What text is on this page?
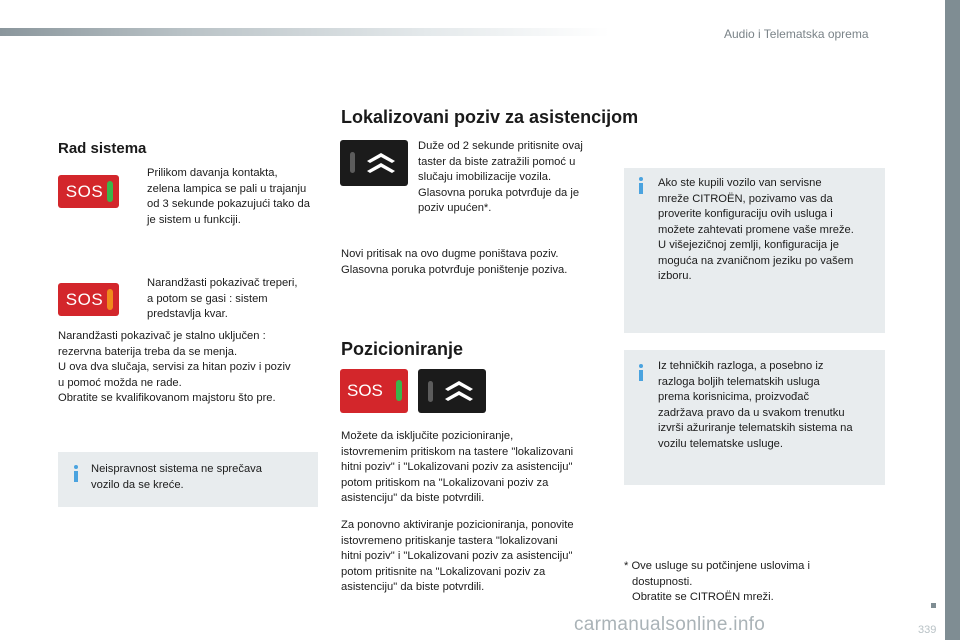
Audio i Telematska oprema
339
carmanualsonline.info
Rad sistema
SOS

Prilikom davanja kontakta,

zelena lampica se pali u trajanju

od 3 sekunde pokazujući tako da

je sistem u funkciji.

SOS

Narandžasti pokazivač treperi,

a potom se gasi : sistem

predstavlja kvar.

Narandžasti pokazivač je stalno uključen :

rezervna baterija treba da se menja.

U ova dva slučaja, servisi za hitan poziv i poziv

u pomoć možda ne rade.

Obratite se kvalifikovanom majstoru što pre.

Neispravnost sistema ne sprečava

vozilo da se kreće.

Lokalizovani poziv za asistencijom

Duže od 2 sekunde pritisnite ovaj

taster da biste zatražili pomoć u

slučaju imobilizacije vozila.

Glasovna poruka potvrđuje da je

poziv upućen*.

Novi pritisak na ovo dugme poništava poziv.

Glasovna poruka potvrđuje poništenje poziva.

Pozicioniranje
SOS

Možete da isključite pozicioniranje,

istovremenim pritiskom na tastere "lokalizovani

hitni poziv" i "Lokalizovani poziv za asistenciju"

potom pritiskom na "Lokalizovani poziv za

asistenciju" da biste potvrdili.

Za ponovno aktiviranje pozicioniranja, ponovite

istovremeno pritiskanje tastera "lokalizovani

hitni poziv" i "Lokalizovani poziv za asistenciju"

potom pritisnite na "Lokalizovani poziv za

asistenciju" da biste potvrdili.

Ako ste kupili vozilo van servisne

mreže CITROËN, pozivamo vas da

proverite konfiguraciju ovih usluga i

možete zahtevati promene vaše mreže.

U višejezičnoj zemlji, konfiguracija je

moguća na zvaničnom jeziku po vašem

izboru.

Iz tehničkih razloga, a posebno iz

razloga boljih telematskih usluga

prema korisnicima, proizvođač

zadržava pravo da u svakom trenutku

izvrši ažuriranje telematskih sistema na

vozilu telematske usluge.

* Ove usluge su potčinjene uslovima i

dostupnosti.

Obratite se CITROËN mreži.
